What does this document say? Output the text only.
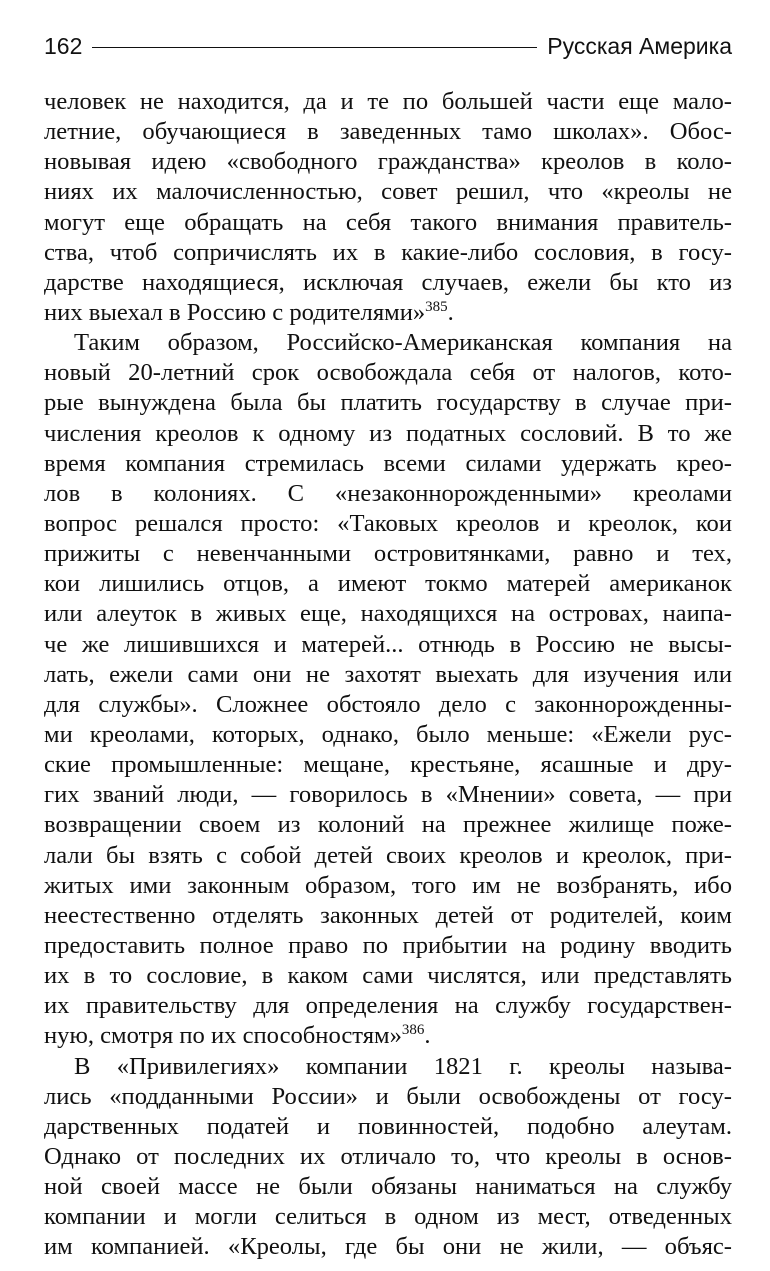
162	Русская Америка
человек не находится, да и те по большей части еще мало-
летние, обучающиеся в заведенных тамо школах». Обос-
новывая идею «свободного гражданства» креолов в коло-
ниях их малочисленностью, совет решил, что «креолы не
могут еще обращать на себя такого внимания правитель-
ства, чтоб сопричислять их в какие-либо сословия, в госу-
дарстве находящиеся, исключая случаев, ежели бы кто из
них выехал в Россию с родителями»$^{385}$.
Таким образом, Российско-Американская компания на
новый 20-летний срок освобождала себя от налогов, кото-
рые вынуждена была бы платить государству в случае при-
числения креолов к одному из податных сословий. В то же
время компания стремилась всеми силами удержать крео-
лов в колониях. С «незаконнорожденными» креолами
вопрос решался просто: «Таковых креолов и креолок, кои
прижиты с невенчанными островитянками, равно и тех,
кои лишились отцов, а имеют токмо матерей американок
или алеуток в живых еще, находящихся на островах, наипа-
че же лишившихся и матерей... отнюдь в Россию не высы-
лать, ежели сами они не захотят выехать для изучения или
для службы». Сложнее обстояло дело с законнорожденны-
ми креолами, которых, однако, было меньше: «Ежели рус-
ские промышленные: мещане, крестьяне, ясашные и дру-
гих званий люди, — говорилось в «Мнении» совета, — при
возвращении своем из колоний на прежнее жилище поже-
лали бы взять с собой детей своих креолов и креолок, при-
житых ими законным образом, того им не возбранять, ибо
неестественно отделять законных детей от родителей, коим
предоставить полное право по прибытии на родину вводить
их в то сословие, в каком сами числятся, или представлять
их правительству для определения на службу государствен-
ную, смотря по их способностям»$^{386}$.
В «Привилегиях» компании 1821 г. креолы называ-
лись «подданными России» и были освобождены от госу-
дарственных податей и повинностей, подобно алеутам.
Однако от последних их отличало то, что креолы в основ-
ной своей массе не были обязаны наниматься на службу
компании и могли селиться в одном из мест, отведенных
им компанией. «Креолы, где бы они не жили, — объяс-
